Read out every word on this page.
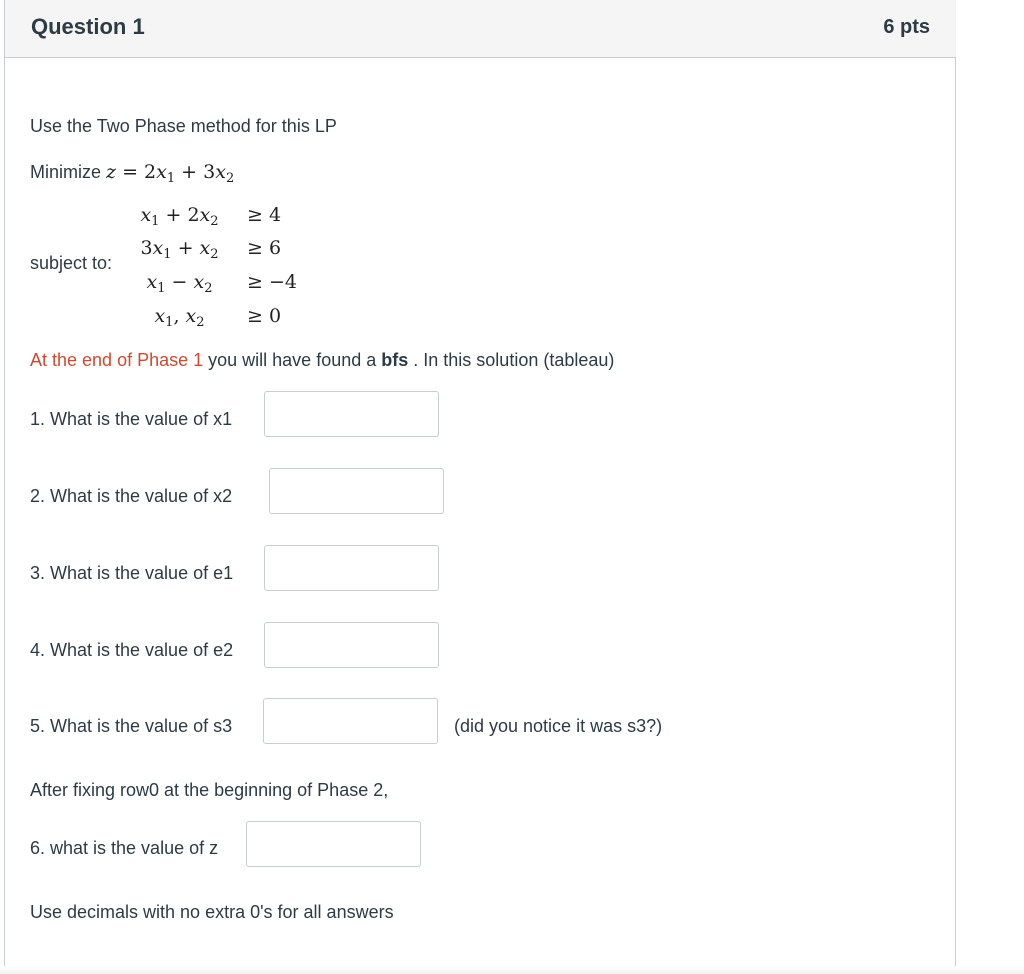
Question 1	6 pts
Use the Two Phase method for this LP
Minimize $z = 2x_1 + 3x_2$
subject to:
$x_1 + 2x_2$	≥ 4
$3x_1 + x_2$	≥ 6
$x_1 - x_2$	≥ −4
$x_1$, $x_2$	≥ 0
At the end of Phase 1 you will have found a bfs . In this solution (tableau)
1. What is the value of x1
2. What is the value of x2
3. What is the value of e1
4. What is the value of e2
5. What is the value of s3	(did you notice it was s3?)
After fixing row0 at the beginning of Phase 2,
6. what is the value of z
Use decimals with no extra 0's for all answers
